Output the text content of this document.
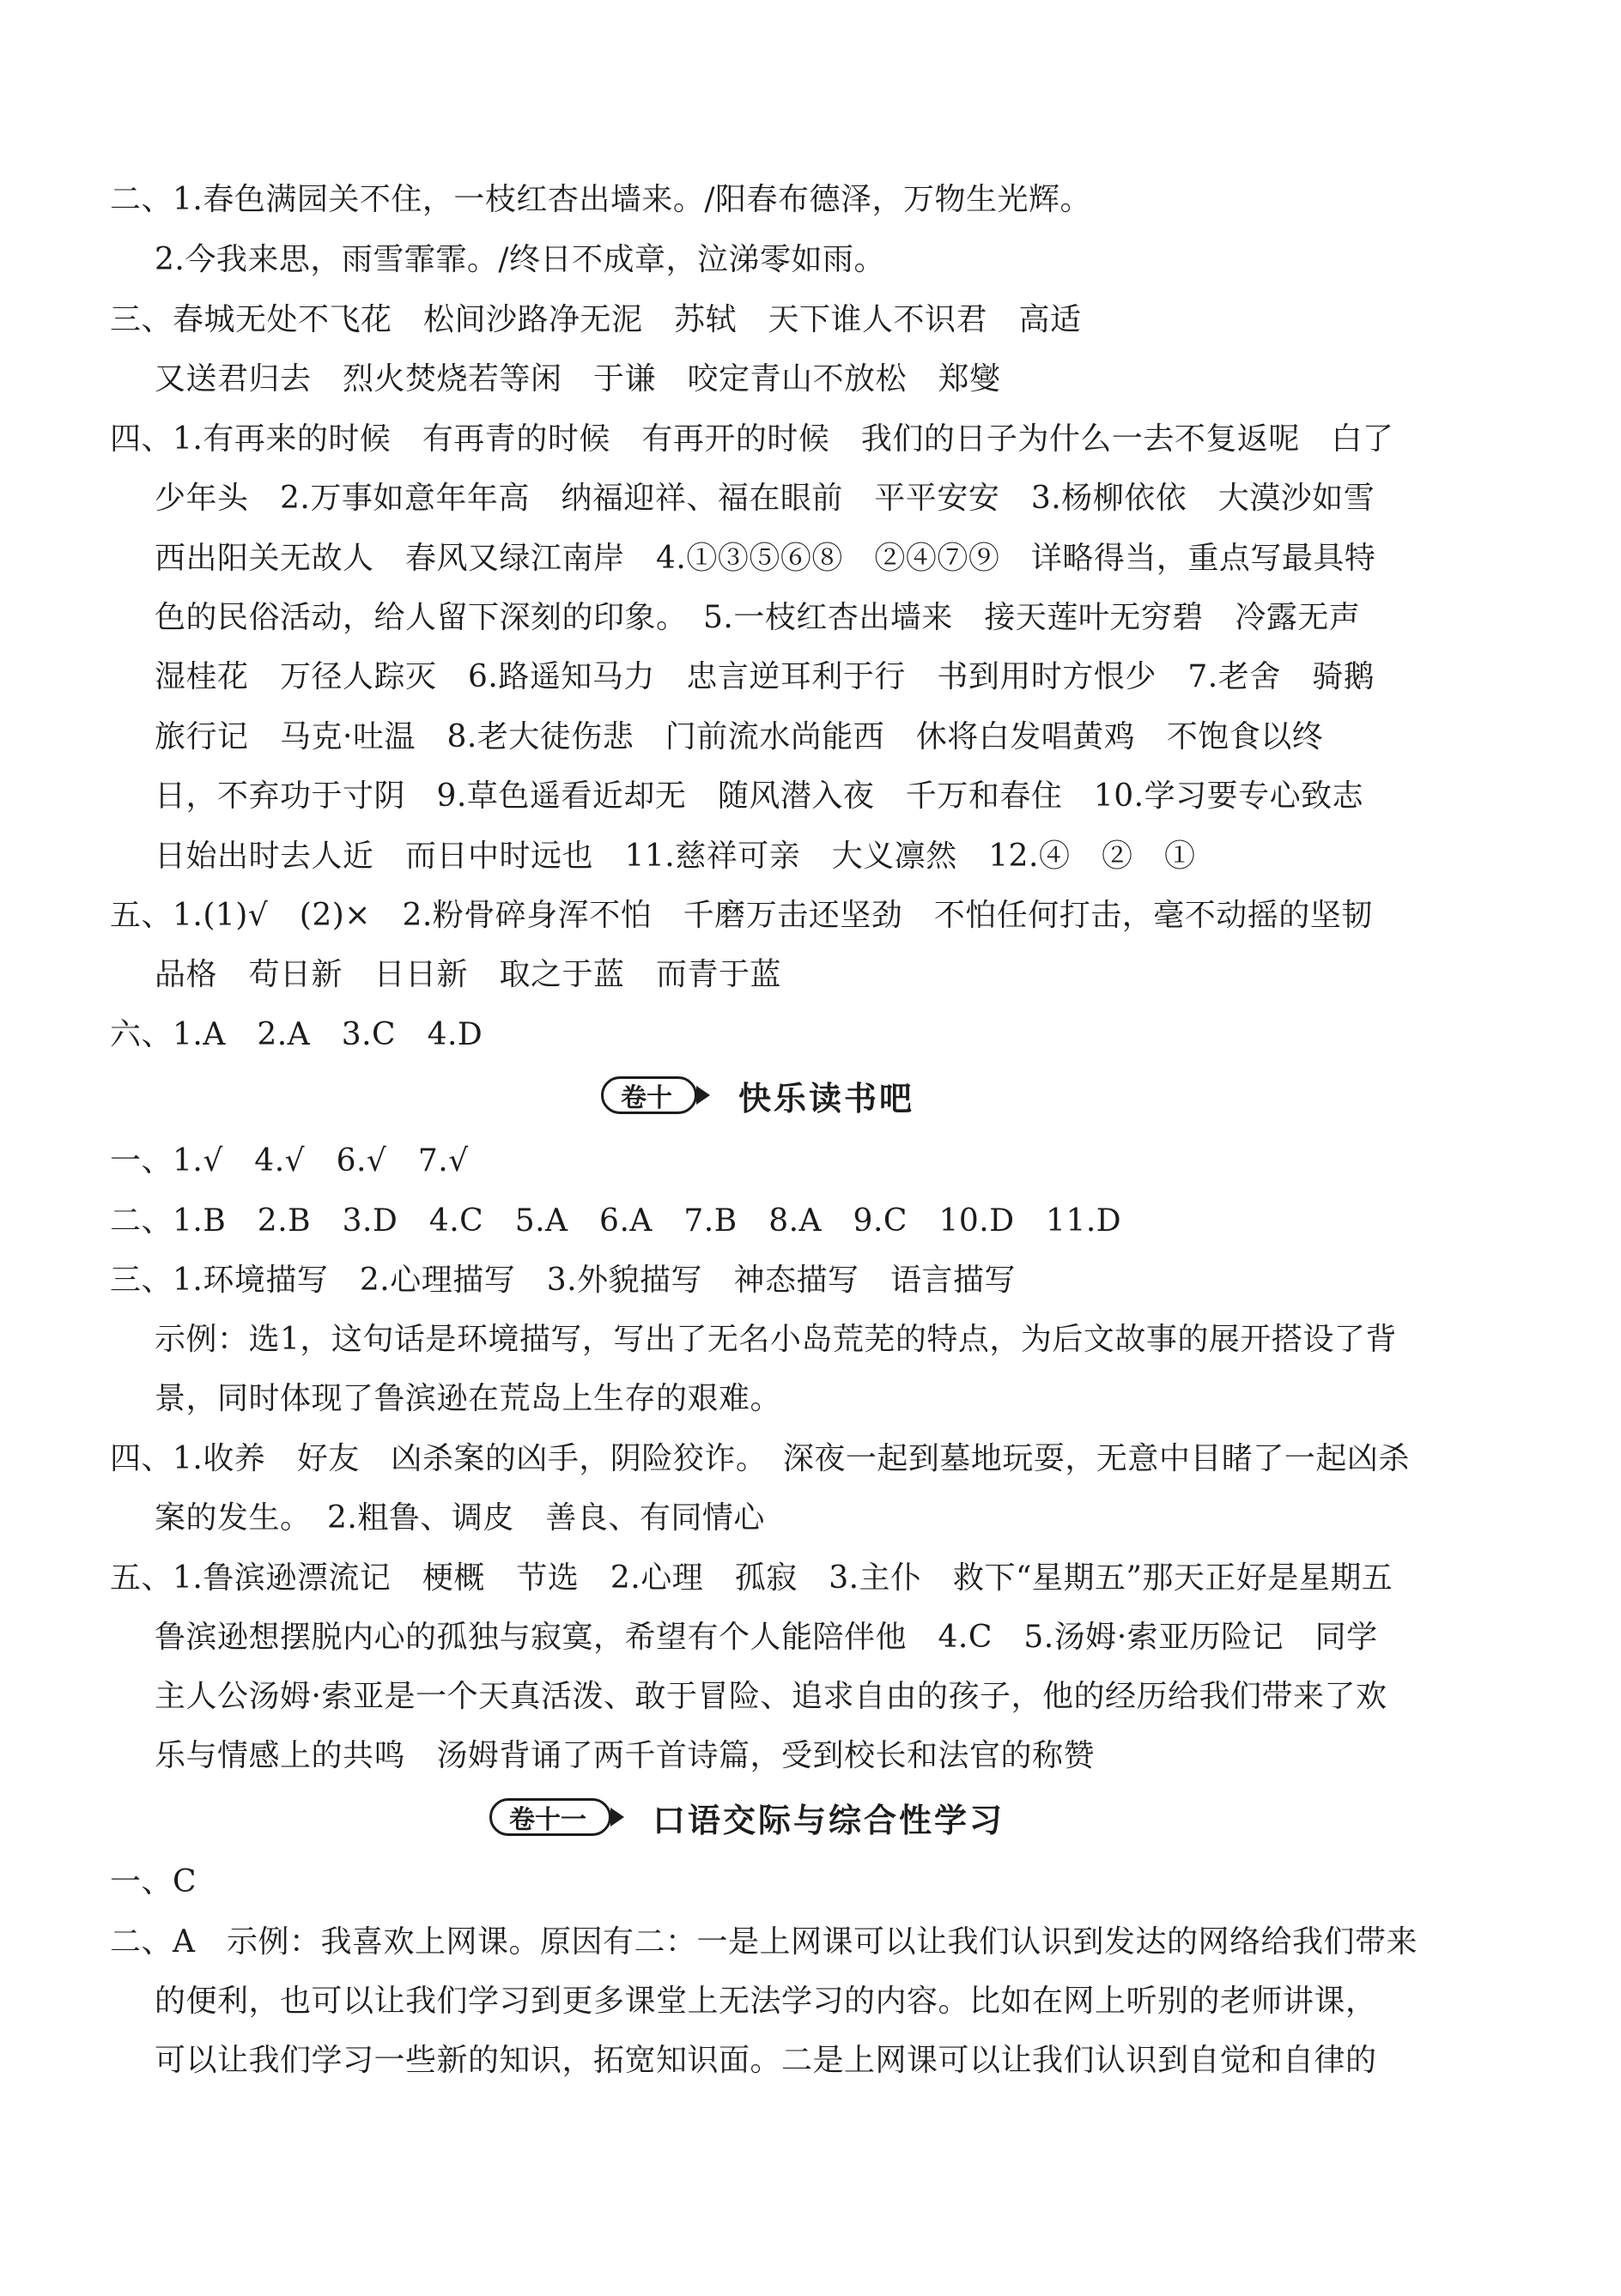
二、1.春色满园关不住，一枝红杏出墙来。/阳春布德泽，万物生光辉。
2.今我来思，雨雪霏霏。/终日不成章，泣涕零如雨。
三、春城无处不飞花　松间沙路净无泥　苏轼　天下谁人不识君　高适
又送君归去　烈火焚烧若等闲　于谦　咬定青山不放松　郑燮
四、1.有再来的时候　有再青的时候　有再开的时候　我们的日子为什么一去不复返呢　白了
少年头　2.万事如意年年高　纳福迎祥、福在眼前　平平安安　3.杨柳依依　大漠沙如雪
西出阳关无故人　春风又绿江南岸　4.①③⑤⑥⑧　②④⑦⑨　详略得当，重点写最具特
色的民俗活动，给人留下深刻的印象。　5.一枝红杏出墙来　接天莲叶无穷碧　冷露无声
湿桂花　万径人踪灭　6.路遥知马力　忠言逆耳利于行　书到用时方恨少　7.老舍　骑鹅
旅行记　马克·吐温　8.老大徒伤悲　门前流水尚能西　休将白发唱黄鸡　不饱食以终
日，不弃功于寸阴　9.草色遥看近却无　随风潜入夜　千万和春住　10.学习要专心致志
日始出时去人近　而日中时远也　11.慈祥可亲　大义凛然　12.④　②　①
五、1.(1)√　(2)×　2.粉骨碎身浑不怕　千磨万击还坚劲　不怕任何打击，毫不动摇的坚韧
品格　苟日新　日日新　取之于蓝　而青于蓝
六、1.A　2.A　3.C　4.D
卷十	快乐读书吧
一、1.√　4.√　6.√　7.√
二、1.B　2.B　3.D　4.C　5.A　6.A　7.B　8.A　9.C　10.D　11.D
三、1.环境描写　2.心理描写　3.外貌描写　神态描写　语言描写
示例：选1，这句话是环境描写，写出了无名小岛荒芜的特点，为后文故事的展开搭设了背
景，同时体现了鲁滨逊在荒岛上生存的艰难。
四、1.收养　好友　凶杀案的凶手，阴险狡诈。　深夜一起到墓地玩耍，无意中目睹了一起凶杀
案的发生。　2.粗鲁、调皮　善良、有同情心
五、1.鲁滨逊漂流记　梗概　节选　2.心理　孤寂　3.主仆　救下“星期五”那天正好是星期五
鲁滨逊想摆脱内心的孤独与寂寞，希望有个人能陪伴他　4.C　5.汤姆·索亚历险记　同学
主人公汤姆·索亚是一个天真活泼、敢于冒险、追求自由的孩子，他的经历给我们带来了欢
乐与情感上的共鸣　汤姆背诵了两千首诗篇，受到校长和法官的称赞
卷十一	口语交际与综合性学习
一、C
二、A　示例：我喜欢上网课。原因有二：一是上网课可以让我们认识到发达的网络给我们带来
的便利，也可以让我们学习到更多课堂上无法学习的内容。比如在网上听别的老师讲课，
可以让我们学习一些新的知识，拓宽知识面。二是上网课可以让我们认识到自觉和自律的
